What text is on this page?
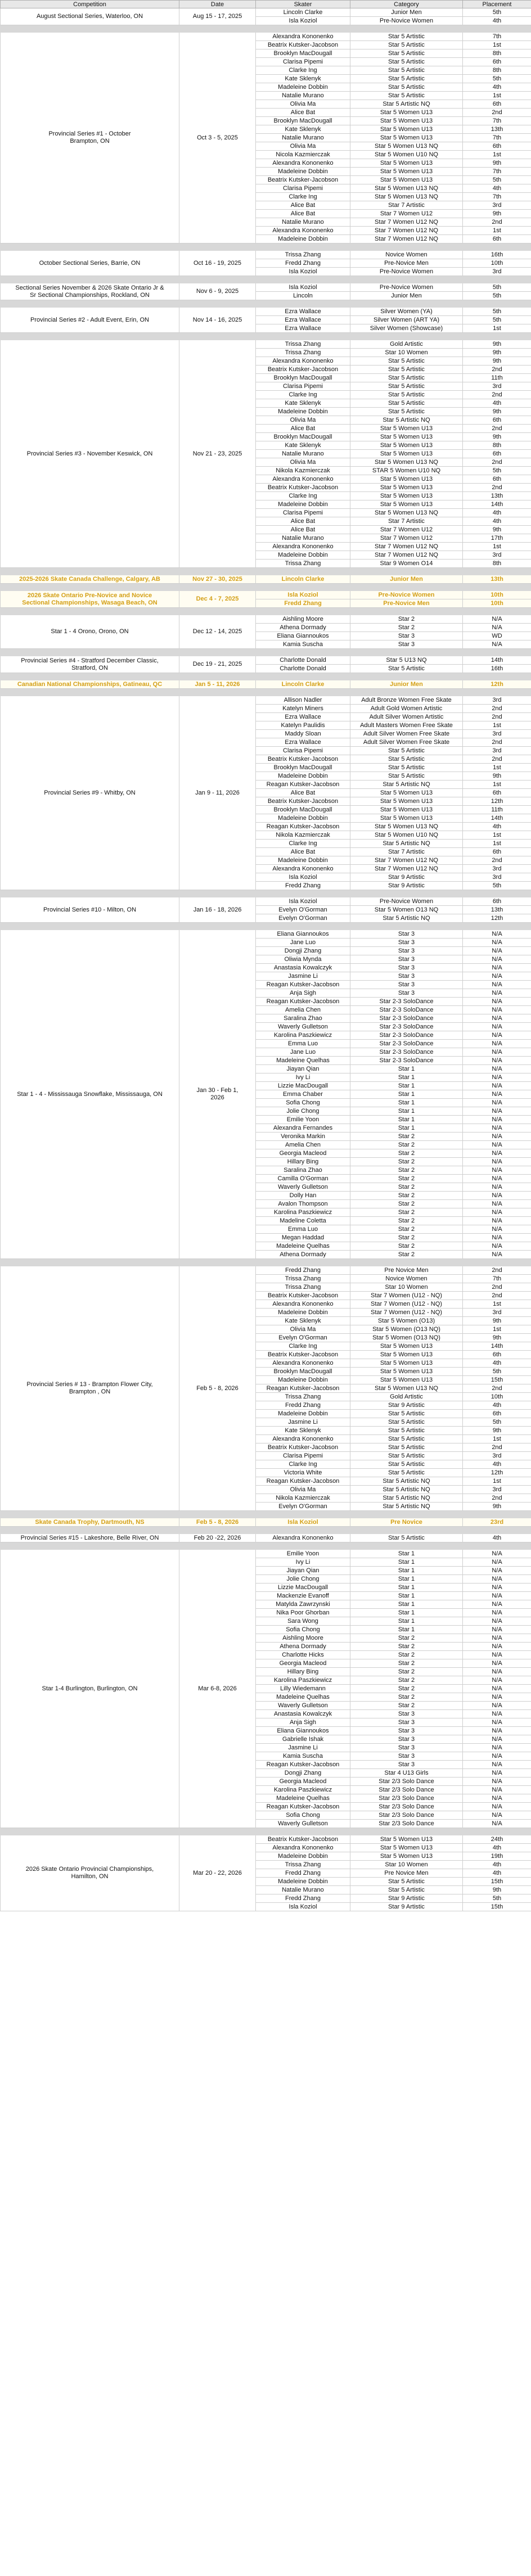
Competition	Date	Skater	Category	Placement
August Sectional Series, Waterloo, ON	Aug 15 - 17, 2025	Lincoln Clarke	Junior Men	5th
		Isla Koziol	Pre-Novice Women	4th

Provincial Series #1 - October
Brampton, ON	Oct 3 - 5, 2025	Alexandra Kononenko	Star 5 Artistic	7th
		Beatrix Kutsker-Jacobson	Star 5 Artistic	1st
		Brooklyn MacDougall	Star 5 Artistic	8th
		Clarisa Pipemi	Star 5 Artistic	6th
		Clarke Ing	Star 5 Artistic	8th
		Kate Sklenyk	Star 5 Artistic	5th
		Madeleine Dobbin	Star 5 Artistic	4th
		Natalie Murano	Star 5 Artistic	1st
		Olivia Ma	Star 5 Artistic NQ	6th
		Alice Bat	Star 5 Women U13	2nd
		Brooklyn MacDougall	Star 5 Women U13	7th
		Kate Sklenyk	Star 5 Women U13	13th
		Natalie Murano	Star 5 Women U13	7th
		Olivia Ma	Star 5 Women U13 NQ	6th
		Nicola Kazmierczak	Star 5 Women U10 NQ	1st
		Alexandra Kononenko	Star 5 Women U13	9th
		Madeleine Dobbin	Star 5 Women U13	7th
		Beatrix Kutsker-Jacobson	Star 5 Women U13	5th
		Clarisa Pipemi	Star 5 Women U13 NQ	4th
		Clarke Ing	Star 5 Women U13 NQ	7th
		Alice Bat	Star 7 Artistic	3rd
		Alice Bat	Star 7 Women U12	9th
		Natalie Murano	Star 7 Women U12 NQ	2nd
		Alexandra Kononenko	Star 7 Women U12 NQ	1st
		Madeleine Dobbin	Star 7 Women U12 NQ	6th

October Sectional Series, Barrie, ON	Oct 16 - 19, 2025	Trissa Zhang	Novice Women	16th
		Fredd Zhang	Pre-Novice Men	10th
		Isla Koziol	Pre-Novice Women	3rd

Sectional Series November & 2026 Skate Ontario Jr &
Sr Sectional Championships, Rockland, ON	Nov 6 - 9, 2025	Isla Koziol	Pre-Novice Women	5th
		Lincoln	Junior Men	5th

Provincial Series #2 - Adult Event, Erin, ON	Nov 14 - 16, 2025	Ezra Wallace	Silver Women (YA)	5th
		Ezra Wallace	Silver Women (ART YA)	5th
		Ezra Wallace	Silver Women (Showcase)	1st

Provincial Series #3 - November Keswick, ON	Nov 21 - 23, 2025	Trissa Zhang	Gold Artistic	9th
		Trissa Zhang	Star 10 Women	9th
		Alexandra Kononenko	Star 5 Artistic	9th
		Beatrix Kutsker-Jacobson	Star 5 Artistic	2nd
		Brooklyn MacDougall	Star 5 Artistic	11th
		Clarisa Pipemi	Star 5 Artistic	3rd
		Clarke Ing	Star 5 Artistic	2nd
		Kate Sklenyk	Star 5 Artistic	4th
		Madeleine Dobbin	Star 5 Artistic	9th
		Olivia Ma	Star 5 Artistic NQ	6th
		Alice Bat	Star 5 Women U13	2nd
		Brooklyn MacDougall	Star 5 Women U13	9th
		Kate Sklenyk	Star 5 Women U13	8th
		Natalie Murano	Star 5 Women U13	6th
		Olivia Ma	Star 5 Women U13 NQ	2nd
		Nikola Kazmierczak	STAR 5 Women U10 NQ	5th
		Alexandra Kononenko	Star 5 Women U13	6th
		Beatrix Kutsker-Jacobson	Star 5 Women U13	2nd
		Clarke Ing	Star 5 Women U13	13th
		Madeleine Dobbin	Star 5 Women U13	14th
		Clarisa Pipemi	Star 5 Women U13 NQ	4th
		Alice Bat	Star 7 Artistic	4th
		Alice Bat	Star 7 Women U12	9th
		Natalie Murano	Star 7 Women U12	17th
		Alexandra Kononenko	Star 7 Women U12 NQ	1st
		Madeleine Dobbin	Star 7 Women U12 NQ	3rd
		Trissa Zhang	Star 9 Women O14	8th

2025-2026 Skate Canada Challenge, Calgary, AB	Nov 27 - 30, 2025	Lincoln Clarke	Junior Men	13th

2026 Skate Ontario Pre-Novice and Novice
Sectional Championships, Wasaga Beach, ON	Dec 4 - 7, 2025	Isla Koziol	Pre-Novice Women	10th
		Fredd Zhang	Pre-Novice Men	10th

Star 1 - 4 Orono, Orono, ON	Dec 12 - 14, 2025	Aishling Moore	Star 2	N/A
		Athena Dormady	Star 2	N/A
		Eliana Giannoukos	Star 3	WD
		Kamia Suscha	Star 3	N/A

Provincial Series #4 - Stratford December Classic,
Stratford, ON	Dec 19 - 21, 2025	Charlotte Donald	Star 5 U13 NQ	14th
		Charlotte Donald	Star 5 Artistic	16th

Canadian National Championships, Gatineau, QC	Jan 5 - 11, 2026	Lincoln Clarke	Junior Men	12th

Provincial Series #9 - Whitby, ON	Jan 9 - 11, 2026	Allison Nadler	Adult Bronze Women Free Skate	3rd
		Katelyn Miners	Adult Gold Women Artistic	2nd
		Ezra Wallace	Adult Silver Women Artistic	2nd
		Katelyn Paulidis	Adult Masters Women Free Skate	1st
		Maddy Sloan	Adult Silver Women Free Skate	3rd
		Ezra Wallace	Adult Silver Women Free Skate	2nd
		Clarisa Pipemi	Star 5 Artistic	3rd
		Beatrix Kutsker-Jacobson	Star 5 Artistic	2nd
		Brooklyn MacDougall	Star 5 Artistic	1st
		Madeleine Dobbin	Star 5 Artistic	9th
		Reagan Kutsker-Jacobson	Star 5 Artistic NQ	1st
		Alice Bat	Star 5 Women U13	6th
		Beatrix Kutsker-Jacobson	Star 5 Women U13	12th
		Brooklyn MacDougall	Star 5 Women U13	11th
		Madeleine Dobbin	Star 5 Women U13	14th
		Reagan Kutsker-Jacobson	Star 5 Women U13 NQ	4th
		Nikola Kazmierczak	Star 5 Women U10 NQ	1st
		Clarke Ing	Star 5 Artistic NQ	1st
		Alice Bat	Star 7 Artistic	6th
		Madeleine Dobbin	Star 7 Women U12 NQ	2nd
		Alexandra Kononenko	Star 7 Women U12 NQ	3rd
		Isla Koziol	Star 9 Artistic	3rd
		Fredd Zhang	Star 9 Artistic	5th

Provincial Series #10 - Milton, ON	Jan 16 - 18, 2026	Isla Koziol	Pre-Novice Women	6th
		Evelyn O'Gorman	Star 5 Women O13 NQ	13th
		Evelyn O'Gorman	Star 5 Artistic NQ	12th

Star 1 - 4 - Mississauga Snowflake, Mississauga, ON	Jan 30 - Feb 1,
2026	Eliana Giannoukos	Star 3	N/A
		Jane Luo	Star 3	N/A
		Dongji Zhang	Star 3	N/A
		Oliwia Mynda	Star 3	N/A
		Anastasia Kowalczyk	Star 3	N/A
		Jasmine Li	Star 3	N/A
		Reagan Kutsker-Jacobson	Star 3	N/A
		Anja Sigh	Star 3	N/A
		Reagan Kutsker-Jacobson	Star 2-3 SoloDance	N/A
		Amelia Chen	Star 2-3 SoloDance	N/A
		Saralina Zhao	Star 2-3 SoloDance	N/A
		Waverly Gulletson	Star 2-3 SoloDance	N/A
		Karolina Paszkiewicz	Star 2-3 SoloDance	N/A
		Emma Luo	Star 2-3 SoloDance	N/A
		Jane Luo	Star 2-3 SoloDance	N/A
		Madeleine Quelhas	Star 2-3 SoloDance	N/A
		Jiayan Qian	Star 1	N/A
		Ivy Li	Star 1	N/A
		Lizzie MacDougall	Star 1	N/A
		Emma Chaber	Star 1	N/A
		Sofia Chong	Star 1	N/A
		Jolie Chong	Star 1	N/A
		Emilie Yoon	Star 1	N/A
		Alexandra Fernandes	Star 1	N/A
		Veronika Markin	Star 2	N/A
		Amelia Chen	Star 2	N/A
		Georgia Macleod	Star 2	N/A
		Hillary Bing	Star 2	N/A
		Saralina Zhao	Star 2	N/A
		Camilla O'Gorman	Star 2	N/A
		Waverly Gulletson	Star 2	N/A
		Dolly Han	Star 2	N/A
		Avalon Thompson	Star 2	N/A
		Karolina Paszkiewicz	Star 2	N/A
		Madeline Coletta	Star 2	N/A
		Emma Luo	Star 2	N/A
		Megan Haddad	Star 2	N/A
		Madeleine Quelhas	Star 2	N/A
		Athena Dormady	Star 2	N/A

Provincial Series # 13 - Brampton Flower City,
Brampton , ON	Feb 5 - 8, 2026	Fredd Zhang	Pre Novice Men	2nd
		Trissa Zhang	Novice Women	7th
		Trissa Zhang	Star 10 Women	2nd
		Beatrix Kutsker-Jacobson	Star 7 Women (U12 - NQ)	2nd
		Alexandra Kononenko	Star 7 Women (U12 - NQ)	1st
		Madeleine Dobbin	Star 7 Women (U12 - NQ)	3rd
		Kate Sklenyk	Star 5 Women (O13)	9th
		Olivia Ma	Star 5 Women (O13 NQ)	1st
		Evelyn O'Gorman	Star 5 Women (O13 NQ)	9th
		Clarke Ing	Star 5 Women U13	14th
		Beatrix Kutsker-Jacobson	Star 5 Women U13	6th
		Alexandra Kononenko	Star 5 Women U13	4th
		Brooklyn MacDougall	Star 5 Women U13	5th
		Madeleine Dobbin	Star 5 Women U13	15th
		Reagan Kutsker-Jacobson	Star 5 Women U13 NQ	2nd
		Trissa Zhang	Gold Artistic	10th
		Fredd Zhang	Star 9 Artistic	4th
		Madeleine Dobbin	Star 5 Artistic	6th
		Jasmine Li	Star 5 Artistic	5th
		Kate Sklenyk	Star 5 Artistic	9th
		Alexandra Kononenko	Star 5 Artistic	1st
		Beatrix Kutsker-Jacobson	Star 5 Artistic	2nd
		Clarisa Pipemi	Star 5 Artistic	3rd
		Clarke Ing	Star 5 Artistic	4th
		Victoria White	Star 5 Artistic	12th
		Reagan Kutsker-Jacobson	Star 5 Artistic NQ	1st
		Olivia Ma	Star 5 Artistic NQ	3rd
		Nikola Kazmierczak	Star 5 Artistic NQ	2nd
		Evelyn O'Gorman	Star 5 Artistic NQ	9th

Skate Canada Trophy, Dartmouth, NS	Feb 5 - 8, 2026	Isla Koziol	Pre Novice	23rd

Provincial Series #15 - Lakeshore, Belle River, ON	Feb 20 -22, 2026	Alexandra Kononenko	Star 5 Artistic	4th

Star 1-4 Burlington, Burlington, ON	Mar 6-8, 2026	Emilie Yoon	Star 1	N/A
		Ivy Li	Star 1	N/A
		Jiayan Qian	Star 1	N/A
		Jolie Chong	Star 1	N/A
		Lizzie MacDougall	Star 1	N/A
		Mackenzie Evanoff	Star 1	N/A
		Matylda Zawrzynski	Star 1	N/A
		Nika Poor Ghorban	Star 1	N/A
		Sara Wong	Star 1	N/A
		Sofia Chong	Star 1	N/A
		Aishling Moore	Star 2	N/A
		Athena Dormady	Star 2	N/A
		Charlotte Hicks	Star 2	N/A
		Georgia Macleod	Star 2	N/A
		Hillary Bing	Star 2	N/A
		Karolina Paszkiewicz	Star 2	N/A
		Lilly Wiedemann	Star 2	N/A
		Madeleine Quelhas	Star 2	N/A
		Waverly Gulletson	Star 2	N/A
		Anastasia Kowalczyk	Star 3	N/A
		Anja Sigh	Star 3	N/A
		Eliana Giannoukos	Star 3	N/A
		Gabrielle Ishak	Star 3	N/A
		Jasmine Li	Star 3	N/A
		Kamia Suscha	Star 3	N/A
		Reagan Kutsker-Jacobson	Star 3	N/A
		Dongji Zhang	Star 4 U13 Girls	N/A
		Georgia Macleod	Star 2/3 Solo Dance	N/A
		Karolina Paszkiewicz	Star 2/3 Solo Dance	N/A
		Madeleine Quelhas	Star 2/3 Solo Dance	N/A
		Reagan Kutsker-Jacobson	Star 2/3 Solo Dance	N/A
		Sofia Chong	Star 2/3 Solo Dance	N/A
		Waverly Gulletson	Star 2/3 Solo Dance	N/A

2026 Skate Ontario Provincial Championships,
Hamilton, ON	Mar 20 - 22, 2026	Beatrix Kutsker-Jacobson	Star 5 Women U13	24th
		Alexandra Kononenko	Star 5 Women U13	4th
		Madeleine Dobbin	Star 5 Women U13	19th
		Trissa Zhang	Star 10 Women	4th
		Fredd Zhang	Pre Novice Men	4th
		Madeleine Dobbin	Star 5 Artistic	15th
		Natalie Murano	Star 5 Artistic	9th
		Fredd Zhang	Star 9 Artistic	5th
		Isla Koziol	Star 9 Artistic	15th
